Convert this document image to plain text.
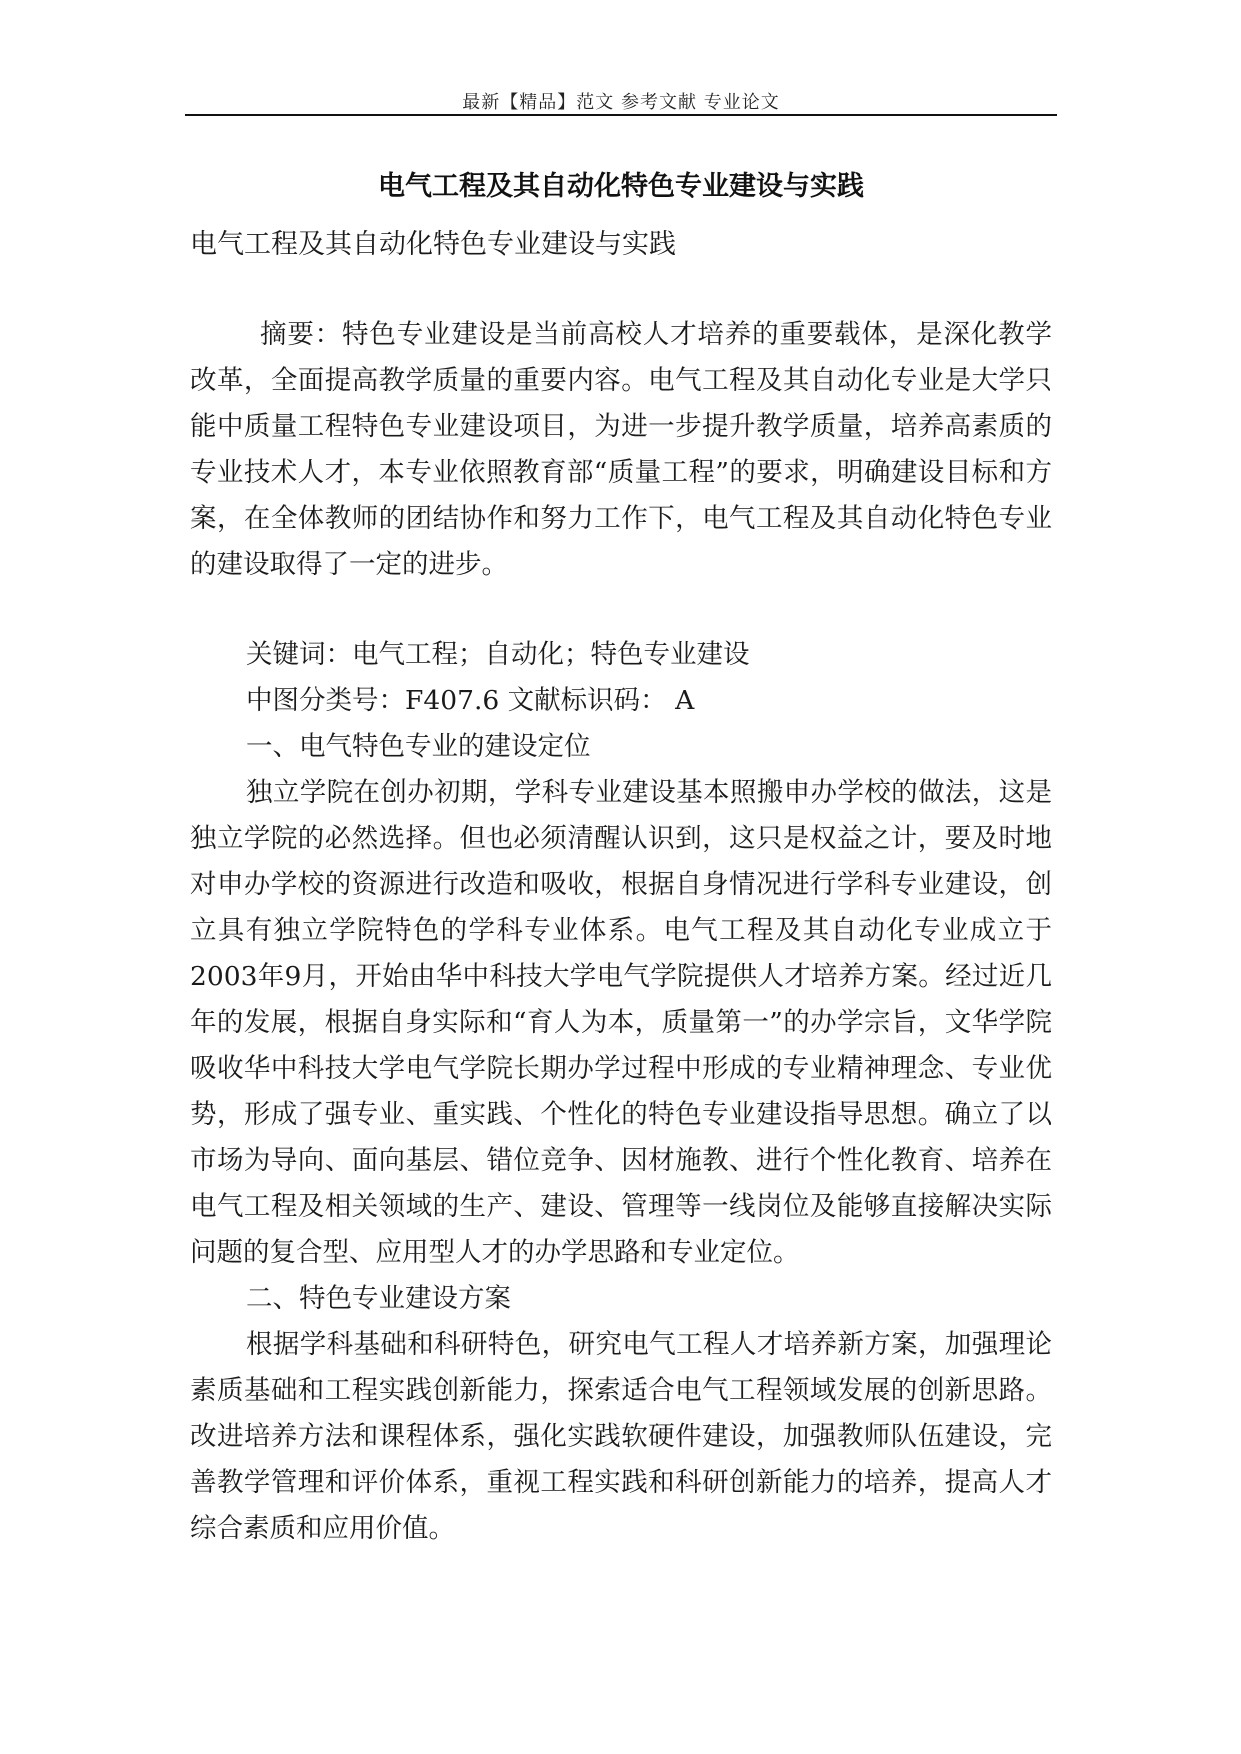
最新【精品】范文 参考文献 专业论文
电气工程及其自动化特色专业建设与实践
电气工程及其自动化特色专业建设与实践
摘要：特色专业建设是当前高校人才培养的重要载体，是深化教学改革，全面提高教学质量的重要内容。电气工程及其自动化专业是大学只能中质量工程特色专业建设项目，为进一步提升教学质量，培养高素质的专业技术人才，本专业依照教育部“质量工程”的要求，明确建设目标和方案，在全体教师的团结协作和努力工作下，电气工程及其自动化特色专业的建设取得了一定的进步。
关键词：电气工程；自动化；特色专业建设
中图分类号：F407.6 文献标识码： A

一、电气特色专业的建设定位

独立学院在创办初期，学科专业建设基本照搬申办学校的做法，这是独立学院的必然选择。但也必须清醒认识到，这只是权益之计，要及时地对申办学校的资源进行改造和吸收，根据自身情况进行学科专业建设，创立具有独立学院特色的学科专业体系。电气工程及其自动化专业成立于2003年9月，开始由华中科技大学电气学院提供人才培养方案。经过近几年的发展，根据自身实际和“育人为本，质量第一”的办学宗旨，文华学院吸收华中科技大学电气学院长期办学过程中形成的专业精神理念、专业优势，形成了强专业、重实践、个性化的特色专业建设指导思想。确立了以市场为导向、面向基层、错位竞争、因材施教、进行个性化教育、培养在电气工程及相关领域的生产、建设、管理等一线岗位及能够直接解决实际问题的复合型、应用型人才的办学思路和专业定位。

二、特色专业建设方案

根据学科基础和科研特色，研究电气工程人才培养新方案，加强理论素质基础和工程实践创新能力，探索适合电气工程领域发展的创新思路。改进培养方法和课程体系，强化实践软硬件建设，加强教师队伍建设，完善教学管理和评价体系，重视工程实践和科研创新能力的培养，提高人才综合素质和应用价值。
